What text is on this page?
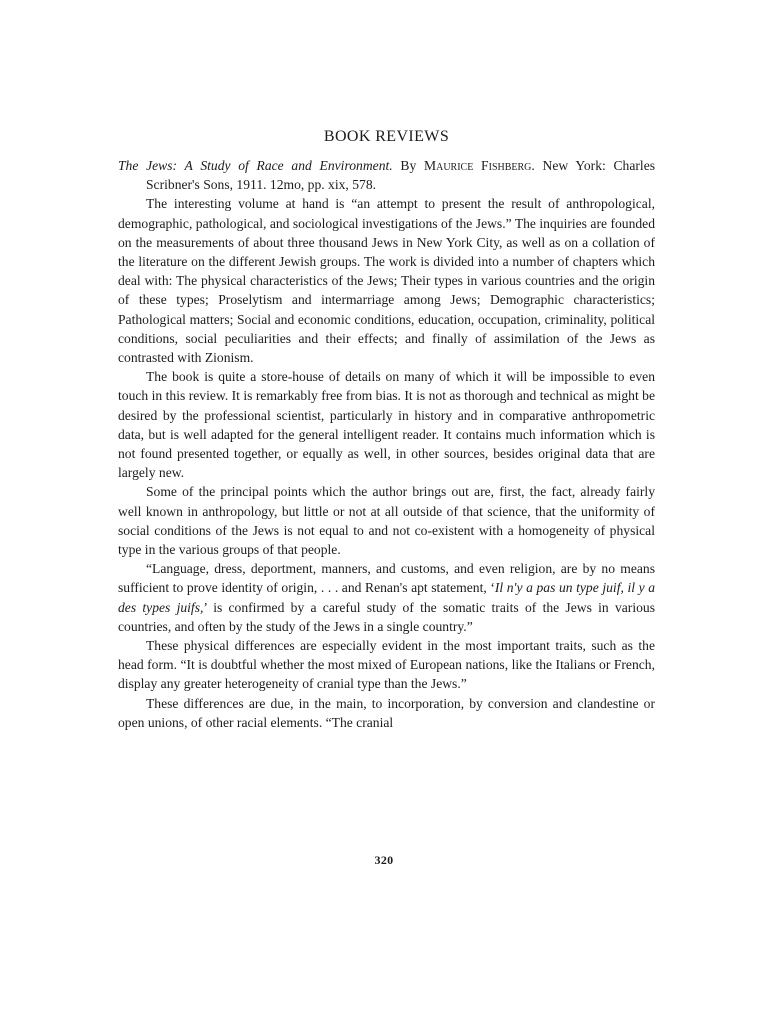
BOOK REVIEWS

The Jews: A Study of Race and Environment. By Maurice Fishberg. New York: Charles Scribner's Sons, 1911. 12mo, pp. xix, 578.

The interesting volume at hand is “an attempt to present the result of anthropological, demographic, pathological, and sociological investigations of the Jews.” The inquiries are founded on the measurements of about three thousand Jews in New York City, as well as on a collation of the literature on the different Jewish groups. The work is divided into a number of chapters which deal with: The physical characteristics of the Jews; Their types in various countries and the origin of these types; Proselytism and intermarriage among Jews; Demographic characteristics; Pathological matters; Social and economic conditions, education, occupation, criminality, political conditions, social peculiarities and their effects; and finally of assimilation of the Jews as contrasted with Zionism.

The book is quite a store-house of details on many of which it will be impossible to even touch in this review. It is remarkably free from bias. It is not as thorough and technical as might be desired by the professional scientist, particularly in history and in comparative anthropometric data, but is well adapted for the general intelligent reader. It contains much information which is not found presented together, or equally as well, in other sources, besides original data that are largely new.

Some of the principal points which the author brings out are, first, the fact, already fairly well known in anthropology, but little or not at all outside of that science, that the uniformity of social conditions of the Jews is not equal to and not co-existent with a homogeneity of physical type in the various groups of that people.

“Language, dress, deportment, manners, and customs, and even religion, are by no means sufficient to prove identity of origin, . . . and Renan's apt statement, ‘Il n'y a pas un type juif, il y a des types juifs,’ is confirmed by a careful study of the somatic traits of the Jews in various countries, and often by the study of the Jews in a single country.”

These physical differences are especially evident in the most important traits, such as the head form. “It is doubtful whether the most mixed of European nations, like the Italians or French, display any greater heterogeneity of cranial type than the Jews.”

These differences are due, in the main, to incorporation, by conversion and clandestine or open unions, of other racial elements. “The cranial

320
